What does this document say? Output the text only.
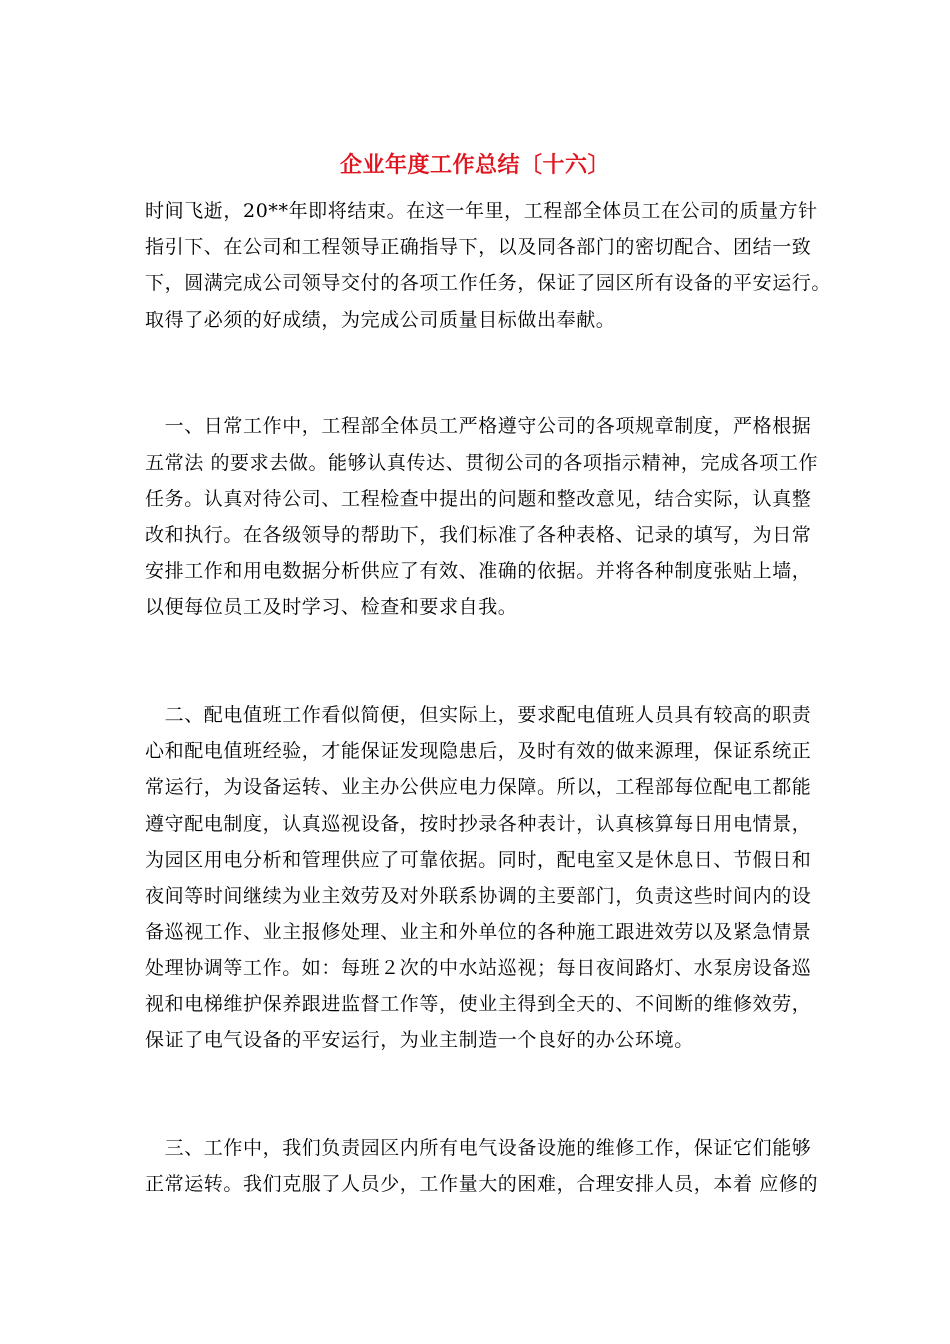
企业年度工作总结〔十六〕
时间飞逝，20**年即将结束。在这一年里，工程部全体员工在公司的质量方针
指引下、在公司和工程领导正确指导下，以及同各部门的密切配合、团结一致
下，圆满完成公司领导交付的各项工作任务，保证了园区所有设备的平安运行。
取得了必须的好成绩，为完成公司质量目标做出奉献。
　一、日常工作中，工程部全体员工严格遵守公司的各项规章制度，严格根据
五常法 的要求去做。能够认真传达、贯彻公司的各项指示精神，完成各项工作
任务。认真对待公司、工程检查中提出的问题和整改意见，结合实际，认真整
改和执行。在各级领导的帮助下，我们标准了各种表格、记录的填写，为日常
安排工作和用电数据分析供应了有效、准确的依据。并将各种制度张贴上墙，
以便每位员工及时学习、检查和要求自我。
　二、配电值班工作看似简便，但实际上，要求配电值班人员具有较高的职责
心和配电值班经验，才能保证发现隐患后，及时有效的做来源理，保证系统正
常运行，为设备运转、业主办公供应电力保障。所以，工程部每位配电工都能
遵守配电制度，认真巡视设备，按时抄录各种表计，认真核算每日用电情景，
为园区用电分析和管理供应了可靠依据。同时，配电室又是休息日、节假日和
夜间等时间继续为业主效劳及对外联系协调的主要部门，负责这些时间内的设
备巡视工作、业主报修处理、业主和外单位的各种施工跟进效劳以及紧急情景
处理协调等工作。如：每班２次的中水站巡视；每日夜间路灯、水泵房设备巡
视和电梯维护保养跟进监督工作等，使业主得到全天的、不间断的维修效劳，
保证了电气设备的平安运行，为业主制造一个良好的办公环境。
　三、工作中，我们负责园区内所有电气设备设施的维修工作，保证它们能够
正常运转。我们克服了人员少，工作量大的困难，合理安排人员，本着 应修的
